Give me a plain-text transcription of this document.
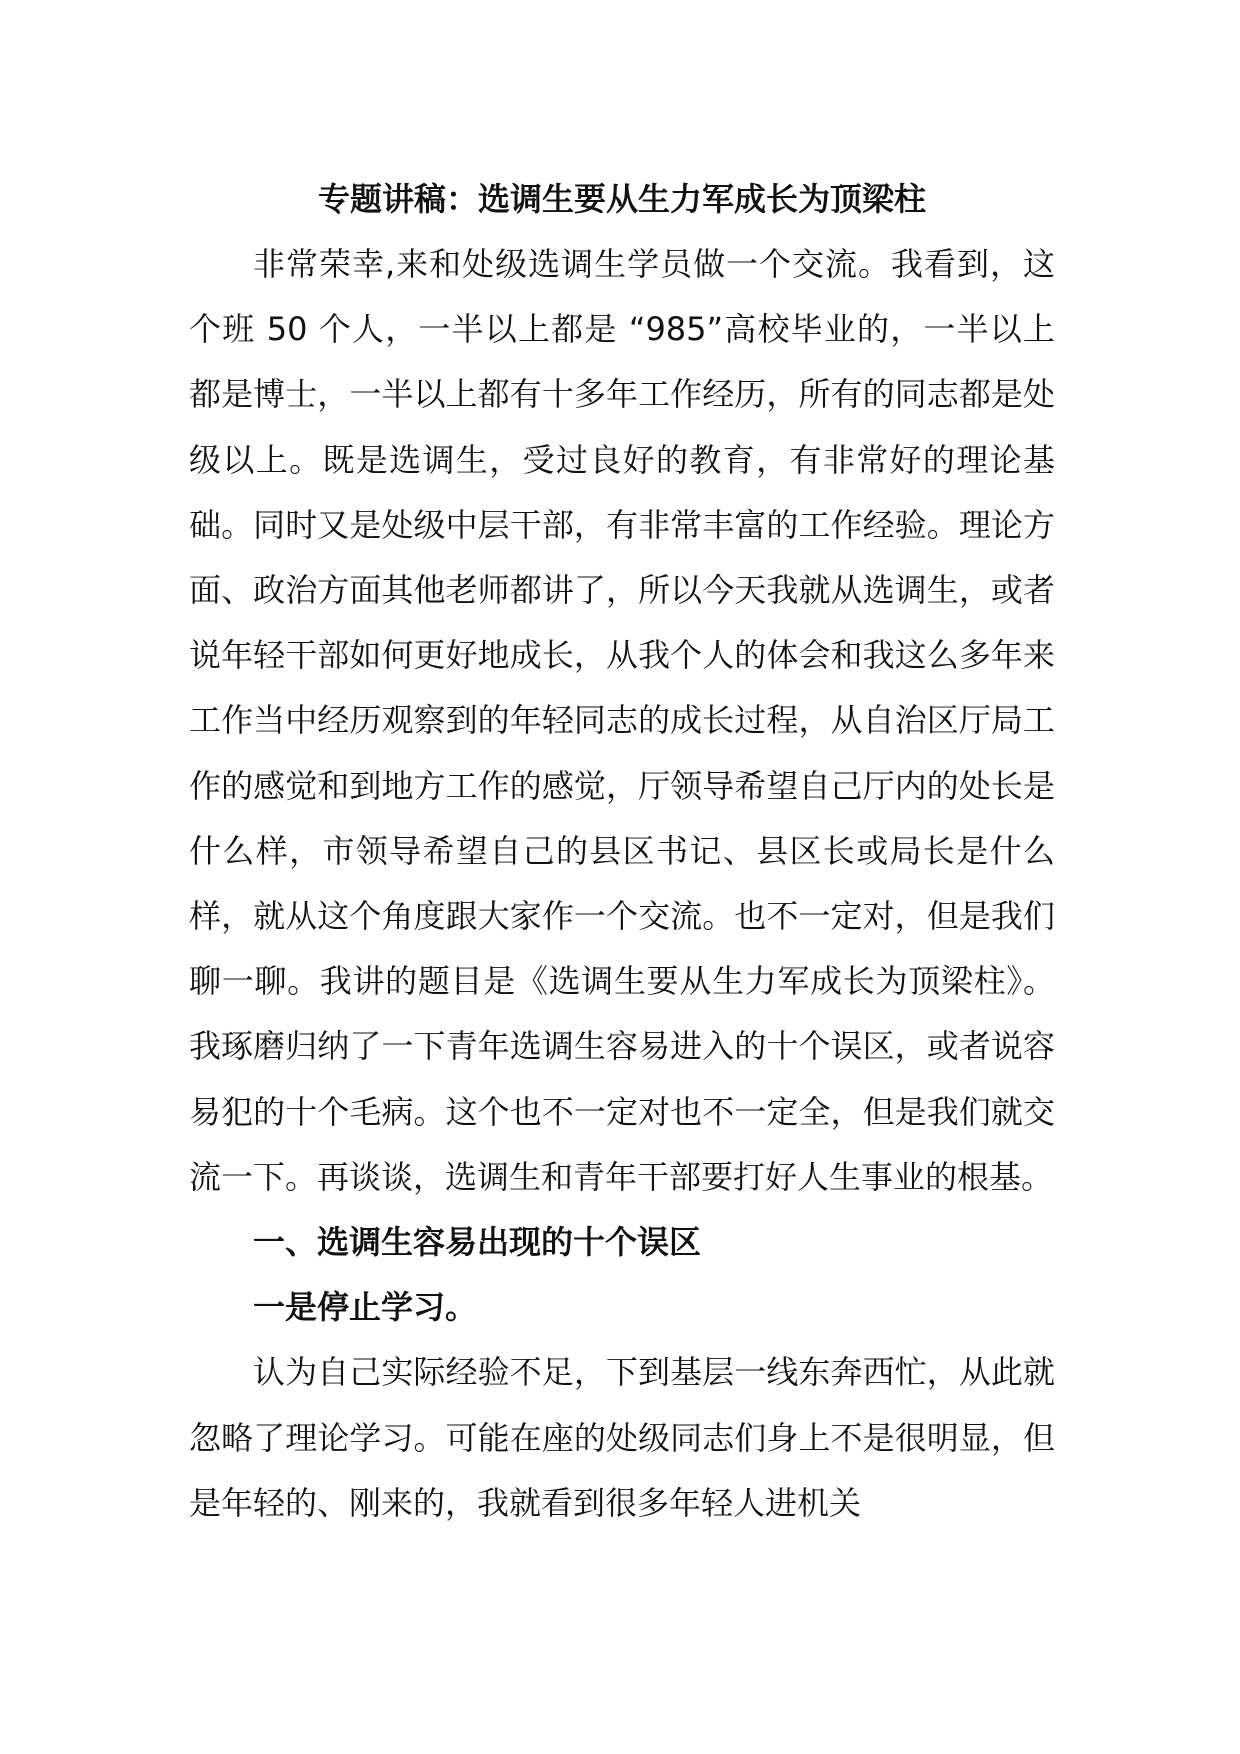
专题讲稿：选调生要从生力军成长为顶梁柱

非常荣幸,来和处级选调生学员做一个交流。我看到，这个班 50 个人，一半以上都是 “985”高校毕业的，一半以上都是博士，一半以上都有十多年工作经历，所有的同志都是处级以上。既是选调生，受过良好的教育，有非常好的理论基础。同时又是处级中层干部，有非常丰富的工作经验。理论方面、政治方面其他老师都讲了，所以今天我就从选调生，或者说年轻干部如何更好地成长，从我个人的体会和我这么多年来工作当中经历观察到的年轻同志的成长过程，从自治区厅局工作的感觉和到地方工作的感觉，厅领导希望自己厅内的处长是什么样，市领导希望自己的县区书记、县区长或局长是什么样，就从这个角度跟大家作一个交流。也不一定对，但是我们聊一聊。我讲的题目是《选调生要从生力军成长为顶梁柱》。我琢磨归纳了一下青年选调生容易进入的十个误区，或者说容易犯的十个毛病。这个也不一定对也不一定全，但是我们就交流一下。再谈谈，选调生和青年干部要打好人生事业的根基。

一、选调生容易出现的十个误区
一是停止学习。

认为自己实际经验不足，下到基层一线东奔西忙，从此就忽略了理论学习。可能在座的处级同志们身上不是很明显，但是年轻的、刚来的，我就看到很多年轻人进机关
